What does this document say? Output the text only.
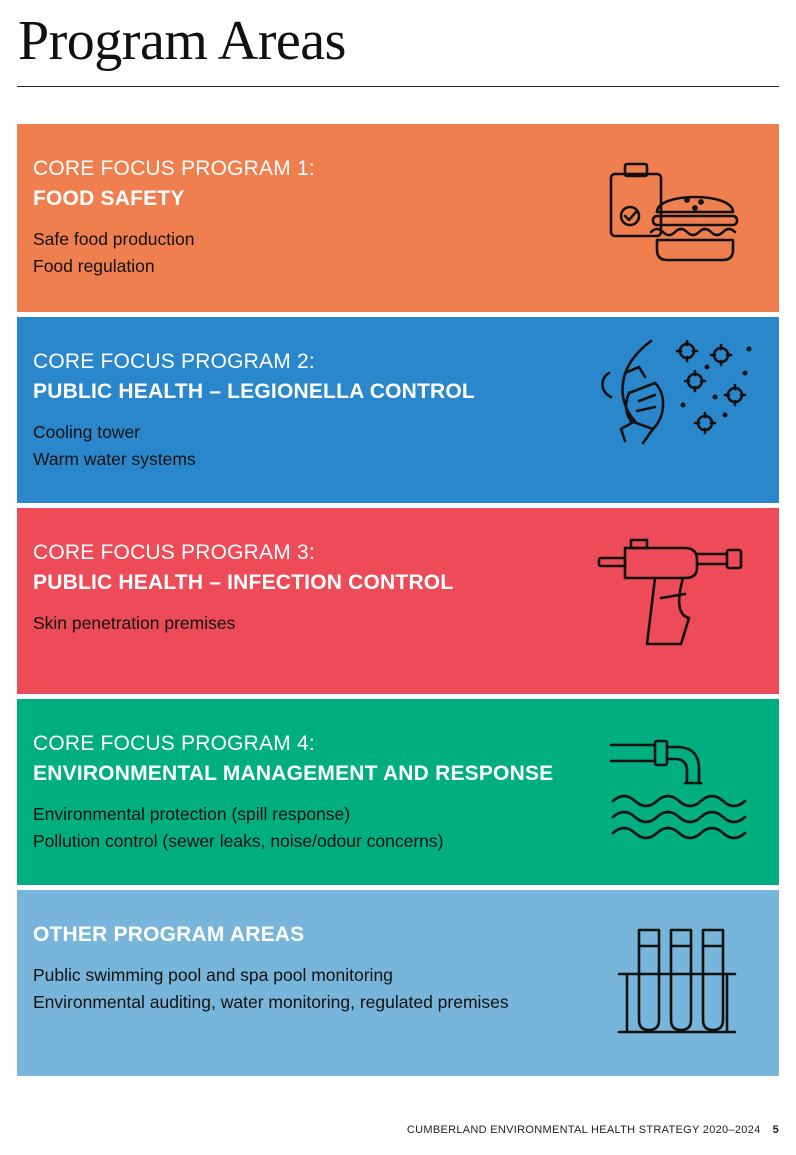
Program Areas
CORE FOCUS PROGRAM 1:
FOOD SAFETY
Safe food production
Food regulation
CORE FOCUS PROGRAM 2:
PUBLIC HEALTH – LEGIONELLA CONTROL
Cooling tower
Warm water systems
CORE FOCUS PROGRAM 3:
PUBLIC HEALTH – INFECTION CONTROL
Skin penetration premises
CORE FOCUS PROGRAM 4:
ENVIRONMENTAL MANAGEMENT AND RESPONSE
Environmental protection (spill response)
Pollution control (sewer leaks, noise/odour concerns)
OTHER PROGRAM AREAS
Public swimming pool and spa pool monitoring
Environmental auditing, water monitoring, regulated premises
CUMBERLAND ENVIRONMENTAL HEALTH STRATEGY 2020–2024 5
